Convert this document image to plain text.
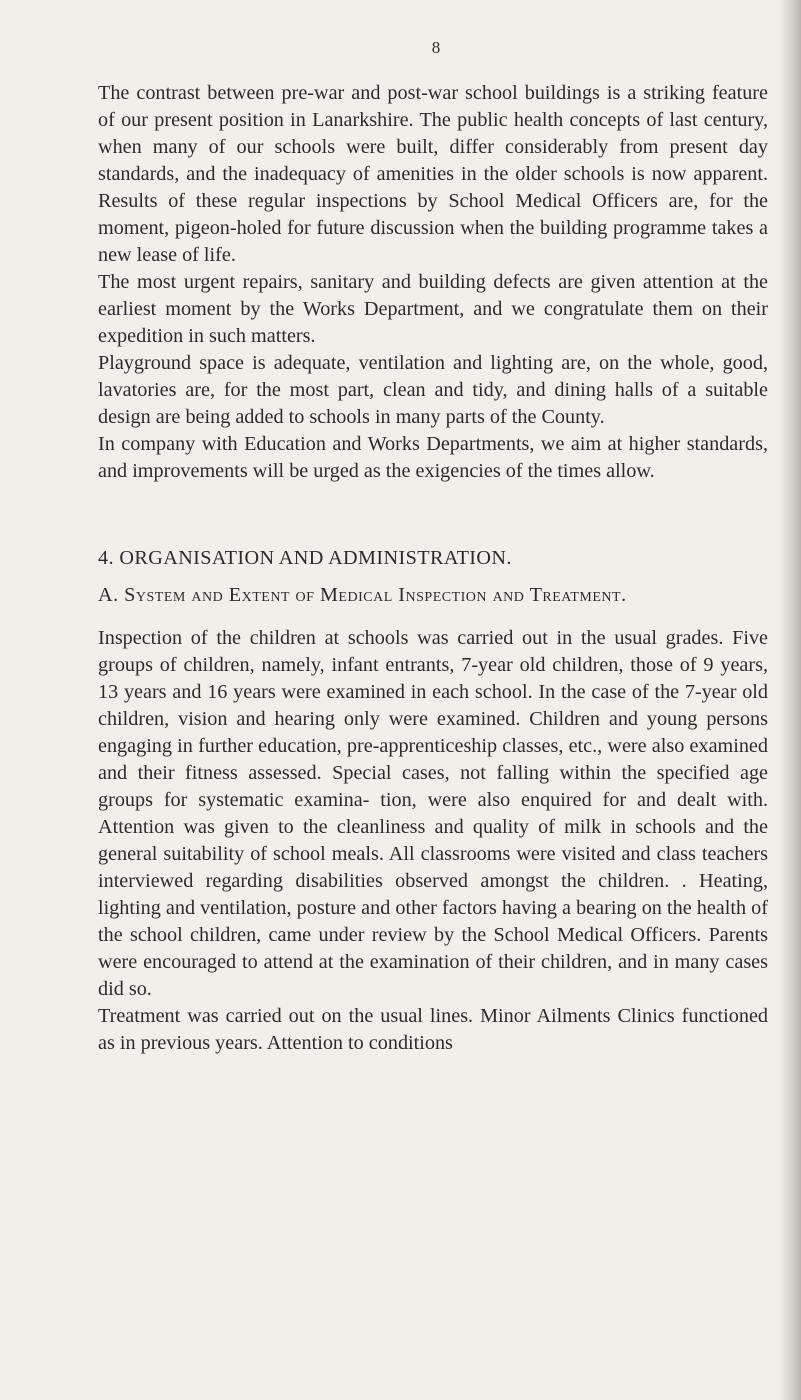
8

The contrast between pre-war and post-war school buildings is a striking feature of our present position in Lanarkshire. The public health concepts of last century, when many of our schools were built, differ considerably from present day standards, and the inadequacy of amenities in the older schools is now apparent. Results of these regular inspections by School Medical Officers are, for the moment, pigeon-holed for future discussion when the building programme takes a new lease of life.

The most urgent repairs, sanitary and building defects are given attention at the earliest moment by the Works Department, and we congratulate them on their expedition in such matters.

Playground space is adequate, ventilation and lighting are, on the whole, good, lavatories are, for the most part, clean and tidy, and dining halls of a suitable design are being added to schools in many parts of the County.

In company with Education and Works Departments, we aim at higher standards, and improvements will be urged as the exigencies of the times allow.

4. ORGANISATION AND ADMINISTRATION.
A. System and Extent of Medical Inspection and Treatment.

Inspection of the children at schools was carried out in the usual grades. Five groups of children, namely, infant entrants, 7-year old children, those of 9 years, 13 years and 16 years were examined in each school. In the case of the 7-year old children, vision and hearing only were examined. Children and young persons engaging in further education, pre-apprenticeship classes, etc., were also examined and their fitness assessed. Special cases, not falling within the specified age groups for systematic examina- tion, were also enquired for and dealt with. Attention was given to the cleanliness and quality of milk in schools and the general suitability of school meals. All classrooms were visited and class teachers interviewed regarding disabilities observed amongst the children. . Heating, lighting and ventilation, posture and other factors having a bearing on the health of the school children, came under review by the School Medical Officers. Parents were encouraged to attend at the examination of their children, and in many cases did so.

Treatment was carried out on the usual lines. Minor Ailments Clinics functioned as in previous years. Attention to conditions
